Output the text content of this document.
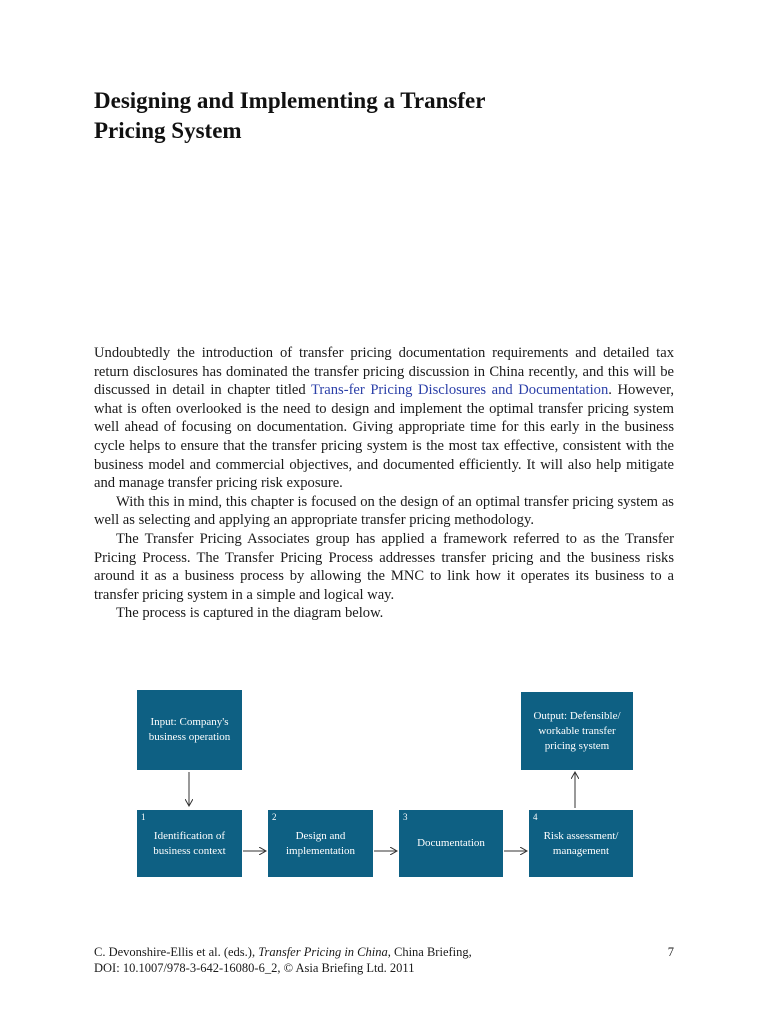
Designing and Implementing a Transfer
Pricing System

Undoubtedly the introduction of transfer pricing documentation requirements and detailed tax return disclosures has dominated the transfer pricing discussion in China recently, and this will be discussed in detail in chapter titled Trans-fer Pricing Disclosures and Documentation. However, what is often overlooked is the need to design and implement the optimal transfer pricing system well ahead of focusing on documentation. Giving appropriate time for this early in the business cycle helps to ensure that the transfer pricing system is the most tax effective, consistent with the business model and commercial objectives, and documented efficiently. It will also help mitigate and manage transfer pricing risk exposure.

With this in mind, this chapter is focused on the design of an optimal transfer pricing system as well as selecting and applying an appropriate transfer pricing methodology.

The Transfer Pricing Associates group has applied a framework referred to as the Transfer Pricing Process. The Transfer Pricing Process addresses transfer pricing and the business risks around it as a business process by allowing the MNC to link how it operates its business to a transfer pricing system in a simple and logical way.

The process is captured in the diagram below.

Input: Company's business operation
Output: Defensible/ workable transfer pricing system
1
Identification of business context
2
Design and implementation
3
Documentation
4
Risk assessment/ management
C. Devonshire-Ellis et al. (eds.), Transfer Pricing in China, China Briefing,
DOI: 10.1007/978-3-642-16080-6_2, © Asia Briefing Ltd. 2011
7
